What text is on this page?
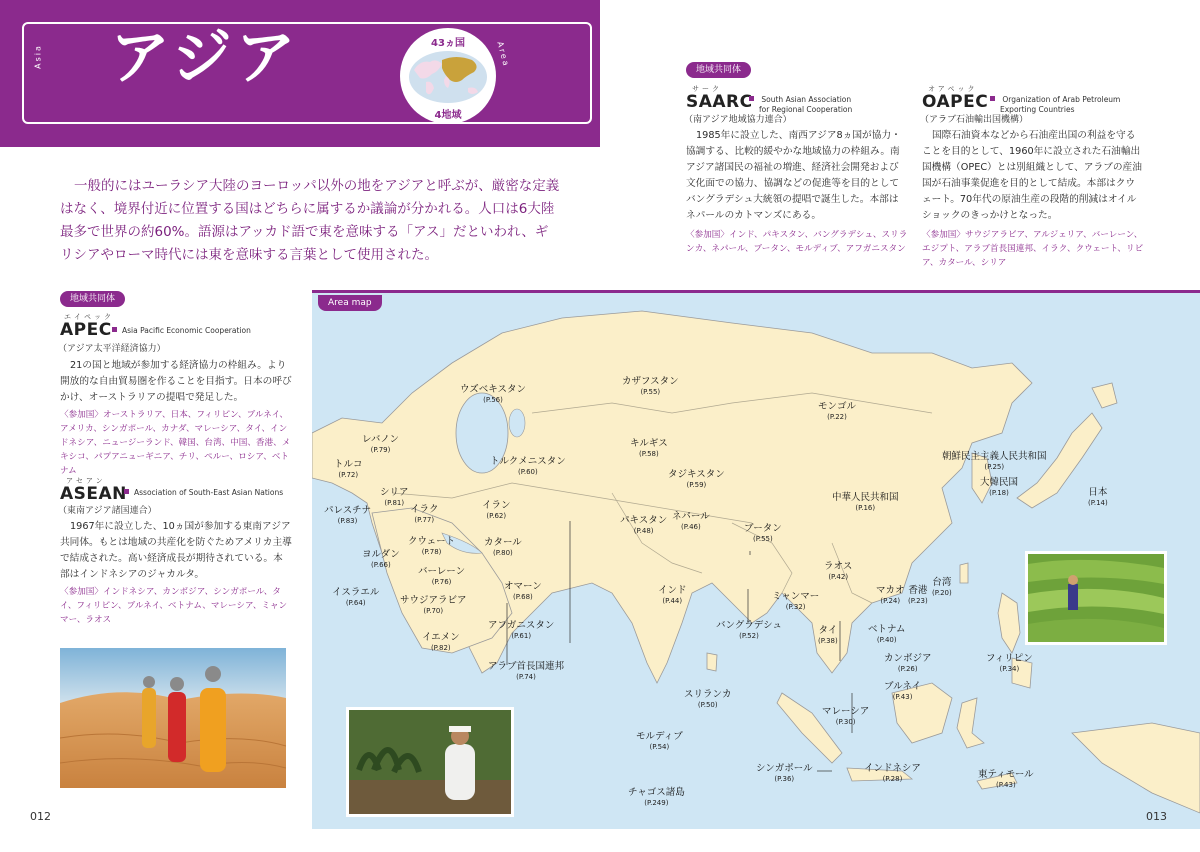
Asia アジア	43ヵ国
4地域
Area

一般的にはユーラシア大陸のヨーロッパ以外の地をアジアと呼ぶが、厳密な定義はなく、境界付近に位置する国はどちらに属するか議論が分かれる。人口は6大陸最多で世界の約60%。語源はアッカド語で東を意味する「アス」だといわれ、ギリシアやローマ時代には東を意味する言葉として使用された。

地域共同体
エイペック
APEC	Asia Pacific Economic Cooperation
（アジア太平洋経済協力）

21の国と地域が参加する経済協力の枠組み。より開放的な自由貿易圏を作ることを目指す。日本の呼びかけ、オーストラリアの提唱で発足した。

〈参加国〉オーストラリア、日本、フィリピン、ブルネイ、アメリカ、シンガポール、カナダ、マレーシア、タイ、インドネシア、ニュージーランド、韓国、台湾、中国、香港、メキシコ、パプアニューギニア、チリ、ペルー、ロシア、ベトナム

アセアン
ASEAN Association of South-East Asian Nations
（東南アジア諸国連合）

1967年に設立した、10ヵ国が参加する東南アジア共同体。もとは地域の共産化を防ぐためアメリカ主導で結成された。高い経済成長が期待されている。本部はインドネシアのジャカルタ。

〈参加国〉インドネシア、カンボジア、シンガポール、タイ、フィリピン、ブルネイ、ベトナム、マレーシア、ミャンマー、ラオス

地域共同体
サーク
SAARC	South Asian Association
for Regional Cooperation
（南アジア地域協力連合）

1985年に設立した、南西アジア8ヵ国が協力・協調する、比較的緩やかな地域協力の枠組み。南アジア諸国民の福祉の増進、経済社会開発および文化面での協力、協調などの促進等を目的としてバングラデシュ大統領の提唱で誕生した。本部はネパールのカトマンズにある。

〈参加国〉インド、パキスタン、バングラデシュ、スリランカ、ネパール、ブータン、モルディブ、アフガニスタン

オアペック
OAPEC	Organization of Arab Petroleum
Exporting Countries
（アラブ石油輸出国機構）

国際石油資本などから石油産出国の利益を守ることを目的として、1960年に設立された石油輸出国機構（OPEC）とは別組織として、アラブの産油国が石油事業促進を目的として結成。本部はクウェート。70年代の原油生産の段階的削減はオイルショックのきっかけとなった。

〈参加国〉サウジアラビア、アルジェリア、バーレーン、エジプト、アラブ首長国連邦、イラク、クウェート、リビア、カタール、シリア

Area map
カザフスタン
(P.55)
ウズベキスタン
(P.56)
モンゴル
(P.22)
レバノン
(P.79)
キルギス
(P.58)
トルコ
(P.72)
トルクメニスタン
(P.60)
朝鮮民主主義人民共和国
(P.25)
タジキスタン
(P.59)
シリア
(P.81)
大韓民国
(P.18)	日本
(P.14)
中華人民共和国
(P.16)
イラン
(P.62)
イラク
(P.77)
パレスチナ
(P.83)	ネパール
(P.46)
パキスタン
(P.48)	ブータン
(P.55)
クウェート
(P.78)
カタール
(P.80)
ヨルダン
(P.66)	ラオス
(P.42)
バーレーン
(P.76)	オマーン
(P.68)
インド
(P.44)
イスラエル
(P.64)
台湾
(P.20)
マカオ
(P.24)
香港
(P.23)
サウジアラビア
(P.70)
ミャンマー
(P.32)
アフガニスタン
(P.61)
バングラデシュ
(P.52)	タイ
(P.38)
ベトナム
(P.40)
イエメン
(P.82)
カンボジア
(P.26)
フィリピン
(P.34)
アラブ首長国連邦
(P.74)
ブルネイ
(P.43)
スリランカ
(P.50)
マレーシア
(P.30)
モルディブ
(P.54)
シンガポール
(P.36)
インドネシア
(P.28)	東ティモール
(P.43)
チャゴス諸島
(P.249)
012	013
